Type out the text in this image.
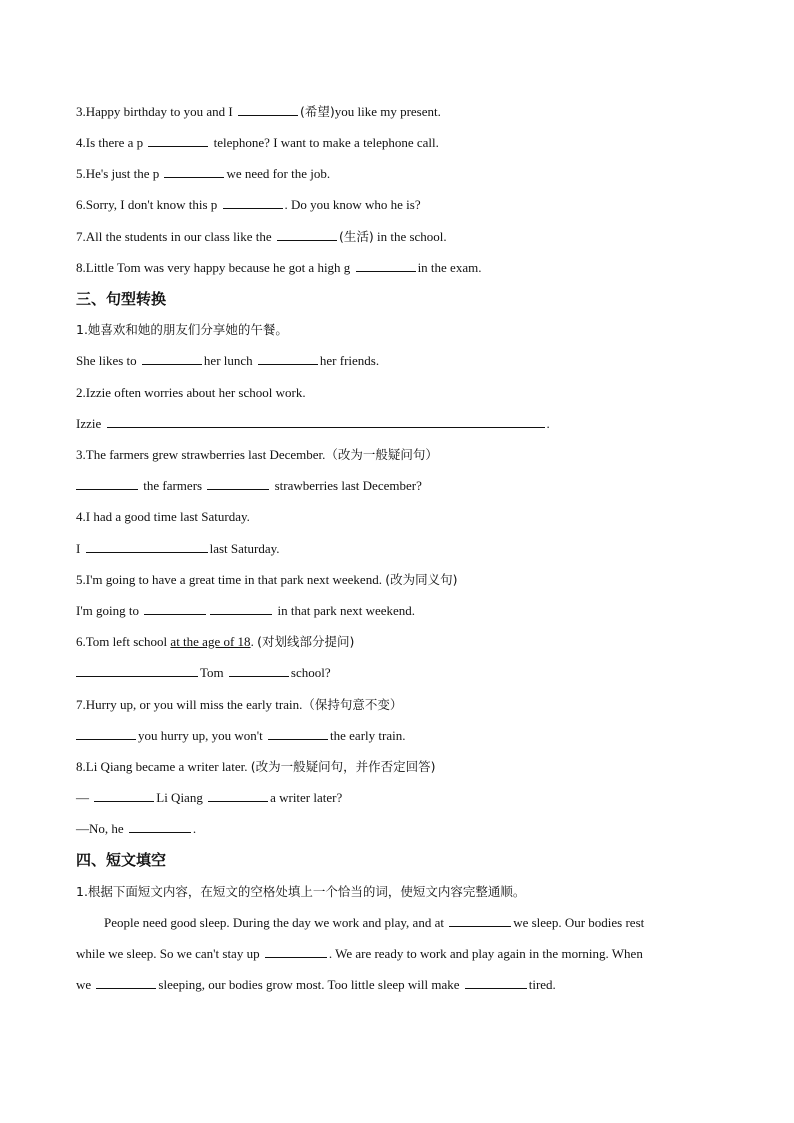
3.Happy birthday to you and I	(希望)you like my present.
4.Is there a p	telephone? I want to make a telephone call.
5.He's just the p	we need for the job.
6.Sorry, I don't know this p	. Do you know who he is?
7.All the students in our class like the	(生活) in the school.
8.Little Tom was very happy because he got a high g	in the exam.
三、句型转换
1.她喜欢和她的朋友们分享她的午餐。
She likes to	her lunch	her friends.
2.Izzie often worries about her school work.
Izzie	.
3.The farmers grew strawberries last December.（改为一般疑问句）
the farmers	strawberries last December?
4.I had a good time last Saturday.
I	last Saturday.
5.I'm going to have a great time in that park next weekend. (改为同义句)
I'm going to	in that park next weekend.
6.Tom left school at the age of 18. (对划线部分提问)
Tom	school?
7.Hurry up, or you will miss the early train.（保持句意不变）
you hurry up, you won't	the early train.
8.Li Qiang became a writer later. (改为一般疑问句，并作否定回答)
—	Li Qiang	a writer later?
—No, he	.
四、短文填空
1.根据下面短文内容，在短文的空格处填上一个恰当的词，使短文内容完整通顺。
People need good sleep. During the day we work and play, and at	we sleep. Our bodies rest
while we sleep. So we can't stay up	. We are ready to work and play again in the morning. When
we	sleeping, our bodies grow most. Too little sleep will make	tired.
